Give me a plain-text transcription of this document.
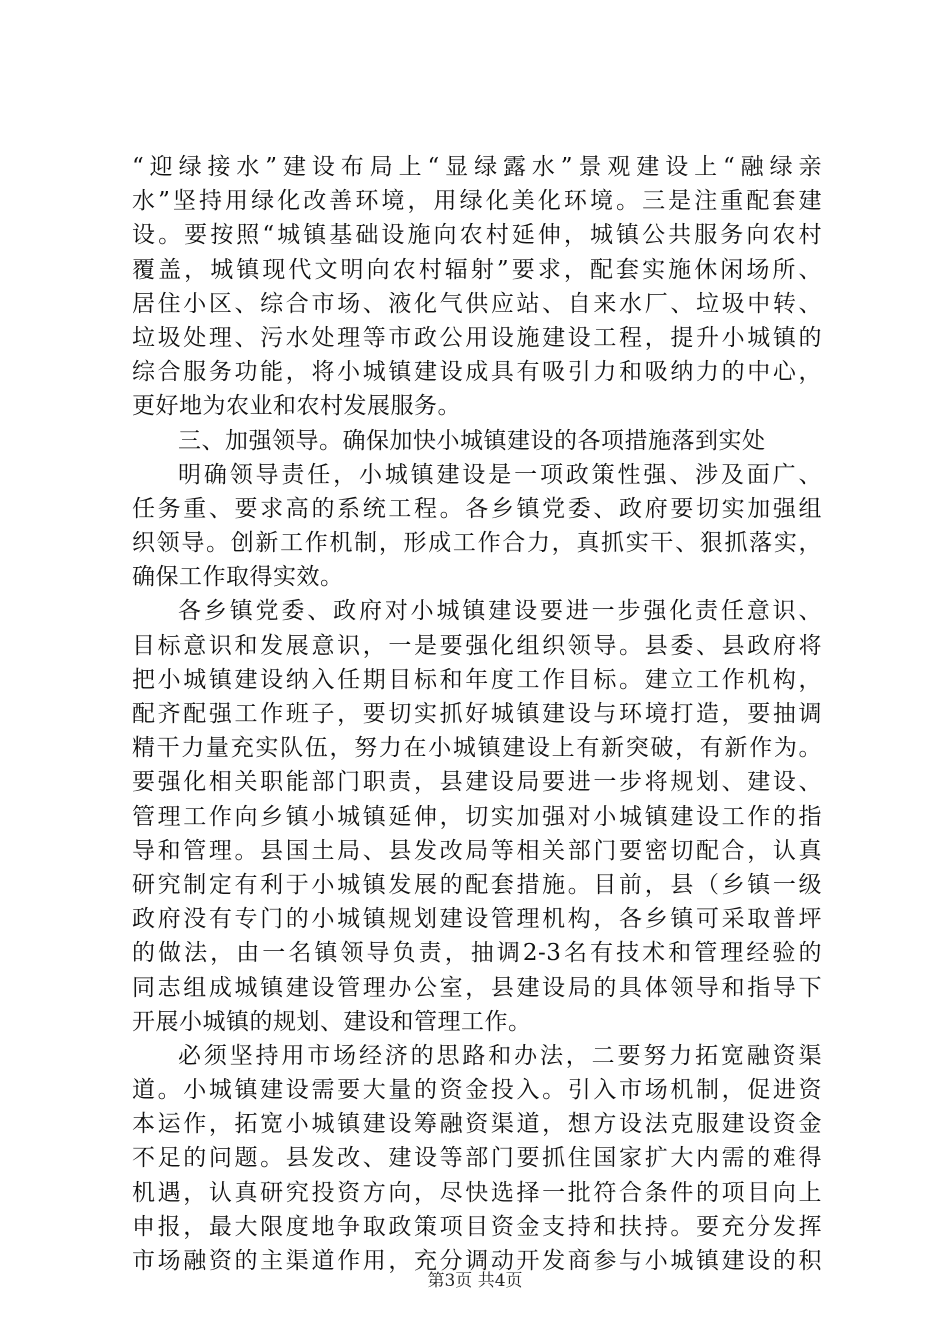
“迎绿接水”建设布局上“显绿露水”景观建设上“融绿亲
水”坚持用绿化改善环境，用绿化美化环境。三是注重配套建
设。要按照“城镇基础设施向农村延伸，城镇公共服务向农村
覆盖，城镇现代文明向农村辐射”要求，配套实施休闲场所、
居住小区、综合市场、液化气供应站、自来水厂、垃圾中转、
垃圾处理、污水处理等市政公用设施建设工程，提升小城镇的
综合服务功能，将小城镇建设成具有吸引力和吸纳力的中心，
更好地为农业和农村发展服务。
三、加强领导。确保加快小城镇建设的各项措施落到实处
明确领导责任，小城镇建设是一项政策性强、涉及面广、
任务重、要求高的系统工程。各乡镇党委、政府要切实加强组
织领导。创新工作机制，形成工作合力，真抓实干、狠抓落实，
确保工作取得实效。
各乡镇党委、政府对小城镇建设要进一步强化责任意识、
目标意识和发展意识，一是要强化组织领导。县委、县政府将
把小城镇建设纳入任期目标和年度工作目标。建立工作机构，
配齐配强工作班子，要切实抓好城镇建设与环境打造，要抽调
精干力量充实队伍，努力在小城镇建设上有新突破，有新作为。
要强化相关职能部门职责，县建设局要进一步将规划、建设、
管理工作向乡镇小城镇延伸，切实加强对小城镇建设工作的指
导和管理。县国土局、县发改局等相关部门要密切配合，认真
研究制定有利于小城镇发展的配套措施。目前，县（乡镇一级
政府没有专门的小城镇规划建设管理机构，各乡镇可采取普坪
的做法，由一名镇领导负责，抽调2-3名有技术和管理经验的
同志组成城镇建设管理办公室，县建设局的具体领导和指导下
开展小城镇的规划、建设和管理工作。
必须坚持用市场经济的思路和办法，二要努力拓宽融资渠
道。小城镇建设需要大量的资金投入。引入市场机制，促进资
本运作，拓宽小城镇建设筹融资渠道，想方设法克服建设资金
不足的问题。县发改、建设等部门要抓住国家扩大内需的难得
机遇，认真研究投资方向，尽快选择一批符合条件的项目向上
申报，最大限度地争取政策项目资金支持和扶持。要充分发挥
市场融资的主渠道作用，充分调动开发商参与小城镇建设的积
第3页 共4页
